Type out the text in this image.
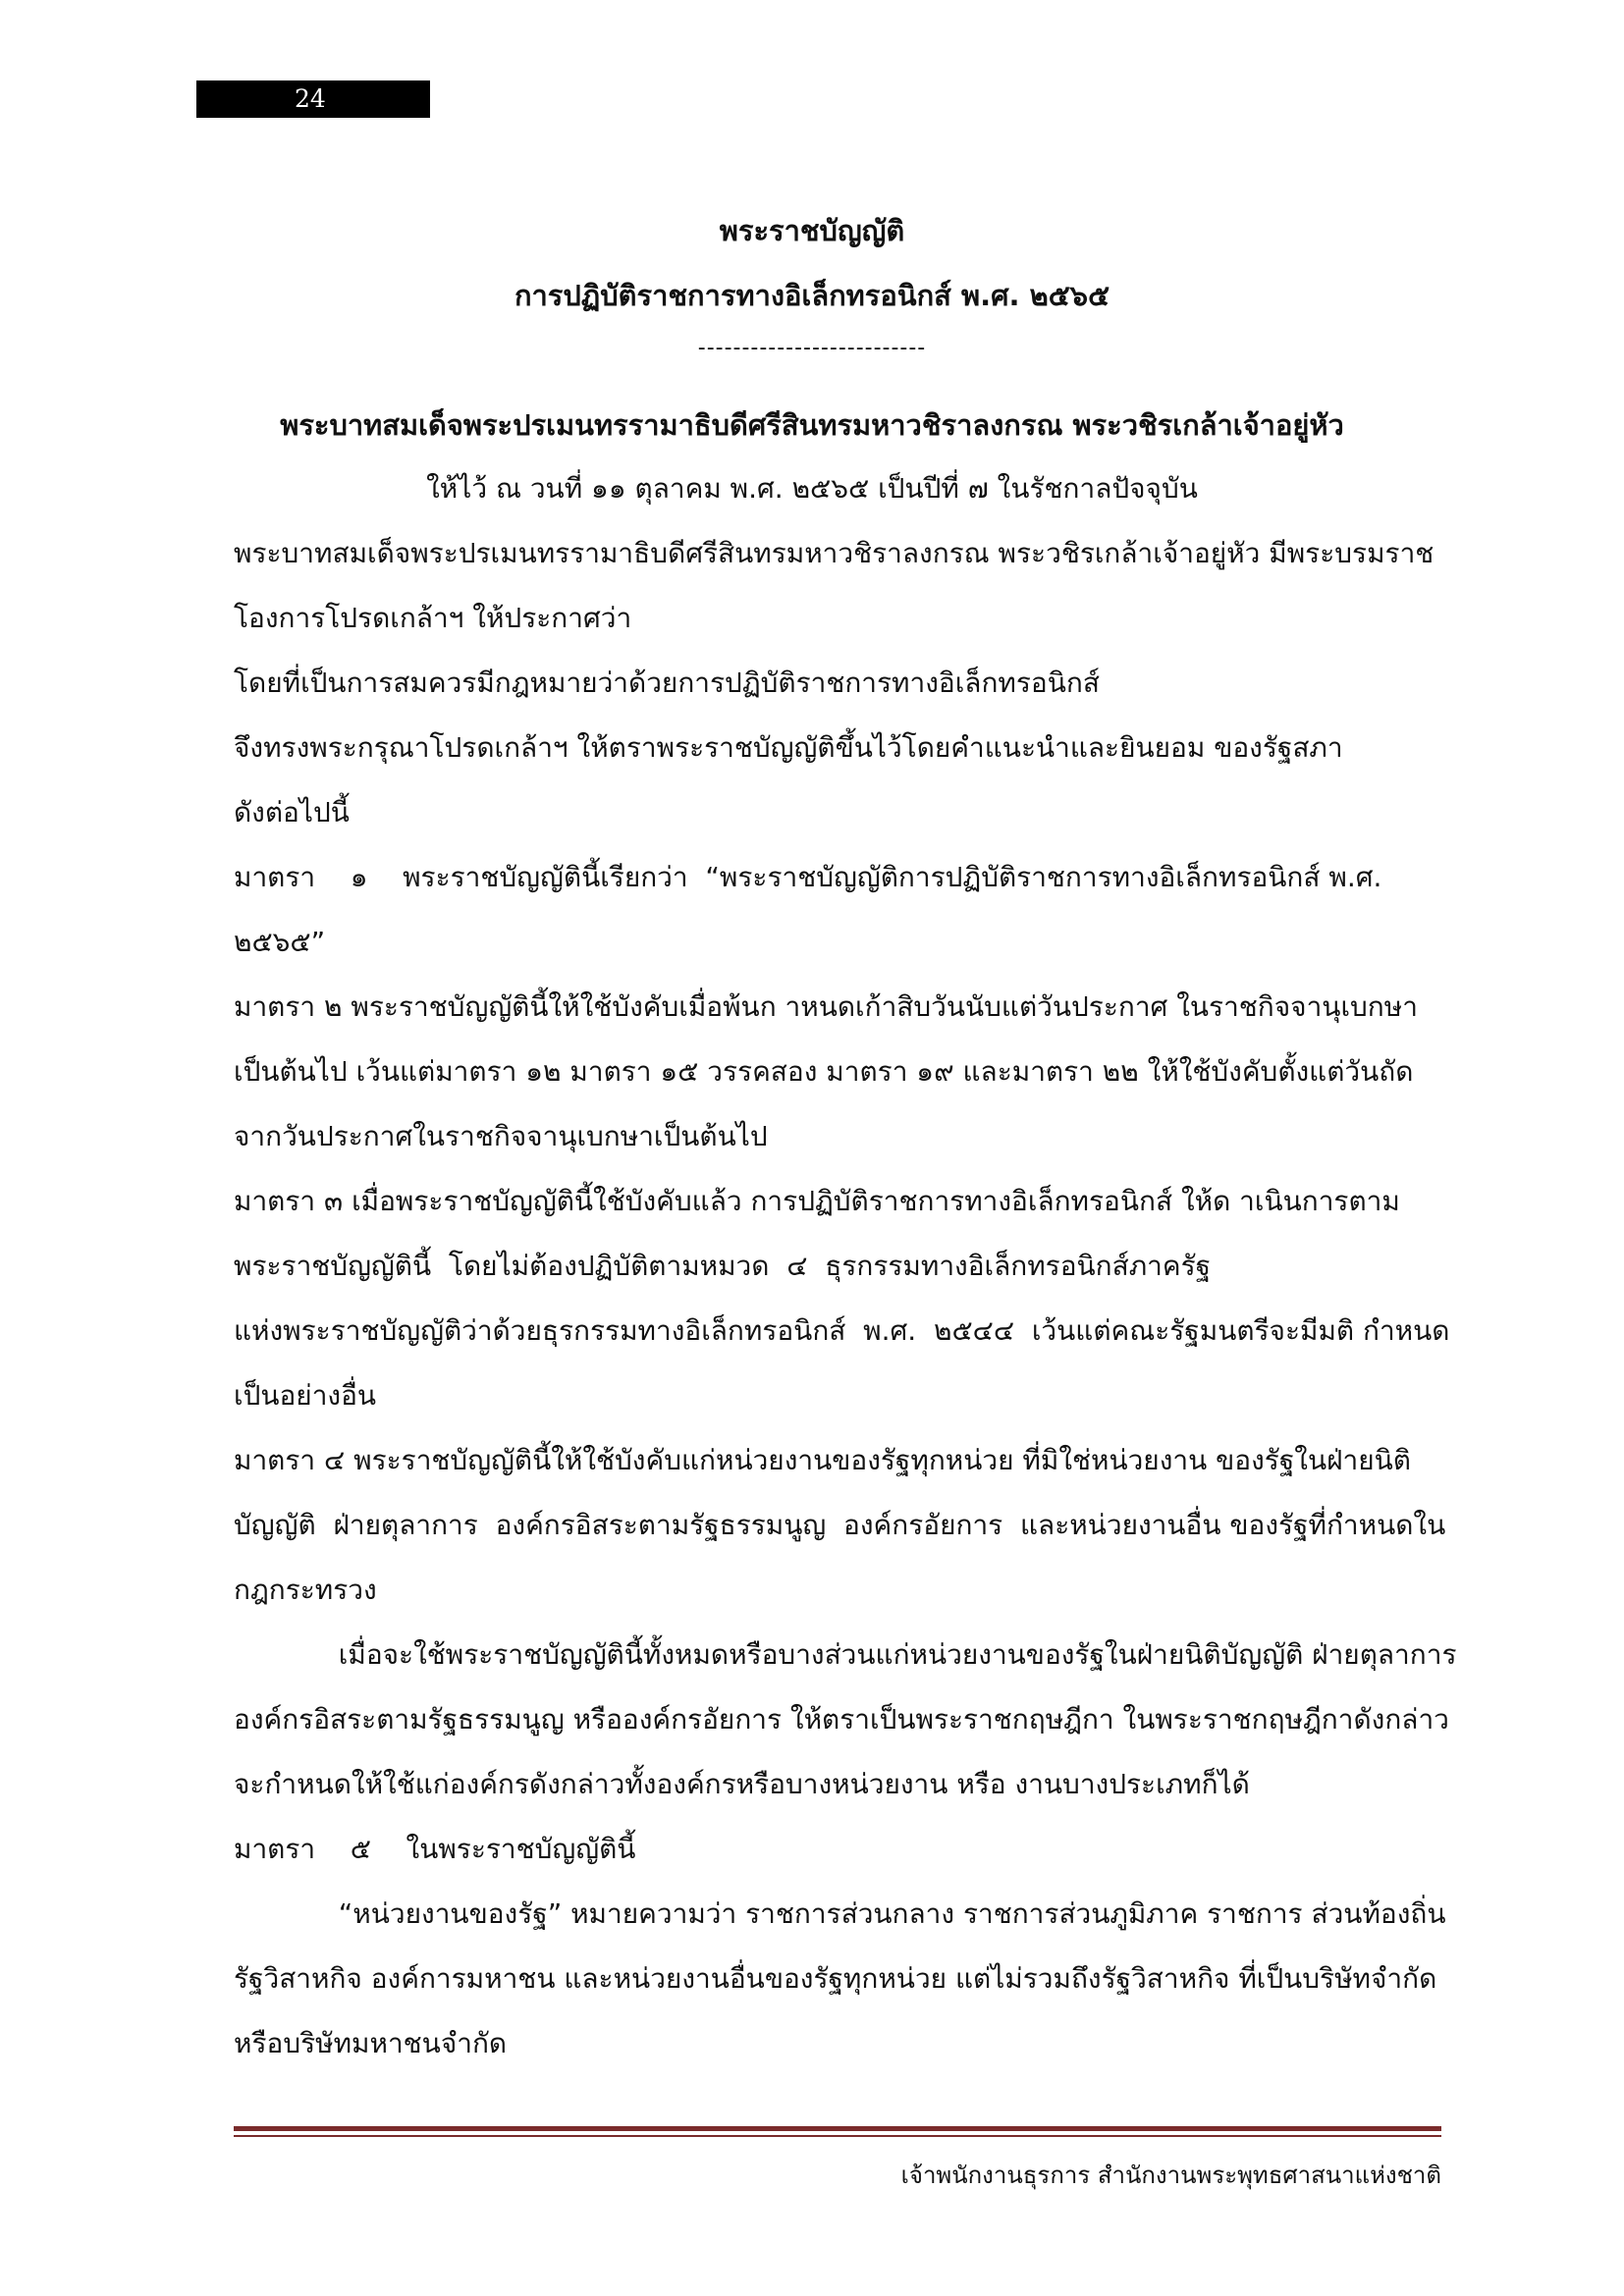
24
พระราชบัญญัติ
การปฏิบัติราชการทางอิเล็กทรอนิกส์ พ.ศ. ๒๕๖๕
--------------------------
พระบาทสมเด็จพระปรเมนทรรามาธิบดีศรีสินทรมหาวชิราลงกรณ พระวชิรเกล้าเจ้าอยู่หัว
ให้ไว้ ณ วนที่ ๑๑ ตุลาคม พ.ศ. ๒๕๖๕ เป็นปีที่ ๗ ในรัชกาลปัจจุบัน
พระบาทสมเด็จพระปรเมนทรรามาธิบดีศรีสินทรมหาวชิราลงกรณ พระวชิรเกล้าเจ้าอยู่หัว มีพระบรมราช
โองการโปรดเกล้าฯ ให้ประกาศว่า
โดยที่เป็นการสมควรมีกฎหมายว่าด้วยการปฏิบัติราชการทางอิเล็กทรอนิกส์
จึงทรงพระกรุณาโปรดเกล้าฯ ให้ตราพระราชบัญญัติขึ้นไว้โดยคำแนะนำและยินยอม ของรัฐสภา
ดังต่อไปนี้
มาตรา    ๑    พระราชบัญญัตินี้เรียกว่า  “พระราชบัญญัติการปฏิบัติราชการทางอิเล็กทรอนิกส์ พ.ศ.
๒๕๖๕”
มาตรา ๒ พระราชบัญญัตินี้ให้ใช้บังคับเมื่อพ้นก าหนดเก้าสิบวันนับแต่วันประกาศ ในราชกิจจานุเบกษา
เป็นต้นไป เว้นแต่มาตรา ๑๒ มาตรา ๑๕ วรรคสอง มาตรา ๑๙ และมาตรา ๒๒ ให้ใช้บังคับตั้งแต่วันถัด
จากวันประกาศในราชกิจจานุเบกษาเป็นต้นไป
มาตรา ๓ เมื่อพระราชบัญญัตินี้ใช้บังคับแล้ว การปฏิบัติราชการทางอิเล็กทรอนิกส์ ให้ด าเนินการตาม
พระราชบัญญัตินี้  โดยไม่ต้องปฏิบัติตามหมวด  ๔  ธุรกรรมทางอิเล็กทรอนิกส์ภาครัฐ
แห่งพระราชบัญญัติว่าด้วยธุรกรรมทางอิเล็กทรอนิกส์  พ.ศ.  ๒๕๔๔  เว้นแต่คณะรัฐมนตรีจะมีมติ กำหนด
เป็นอย่างอื่น
มาตรา ๔ พระราชบัญญัตินี้ให้ใช้บังคับแก่หน่วยงานของรัฐทุกหน่วย ที่มิใช่หน่วยงาน ของรัฐในฝ่ายนิติ
บัญญัติ  ฝ่ายตุลาการ  องค์กรอิสระตามรัฐธรรมนูญ  องค์กรอัยการ  และหน่วยงานอื่น ของรัฐที่กำหนดใน
กฎกระทรวง
เมื่อจะใช้พระราชบัญญัตินี้ทั้งหมดหรือบางส่วนแก่หน่วยงานของรัฐในฝ่ายนิติบัญญัติ ฝ่ายตุลาการ
องค์กรอิสระตามรัฐธรรมนูญ หรือองค์กรอัยการ ให้ตราเป็นพระราชกฤษฎีกา ในพระราชกฤษฎีกาดังกล่าว
จะกำหนดให้ใช้แก่องค์กรดังกล่าวทั้งองค์กรหรือบางหน่วยงาน หรือ งานบางประเภทก็ได้
มาตรา    ๕    ในพระราชบัญญัตินี้
“หน่วยงานของรัฐ” หมายความว่า ราชการส่วนกลาง ราชการส่วนภูมิภาค ราชการ ส่วนท้องถิ่น
รัฐวิสาหกิจ องค์การมหาชน และหน่วยงานอื่นของรัฐทุกหน่วย แต่ไม่รวมถึงรัฐวิสาหกิจ ที่เป็นบริษัทจำกัด
หรือบริษัทมหาชนจำกัด
เจ้าพนักงานธุรการ สำนักงานพระพุทธศาสนาแห่งชาติ
